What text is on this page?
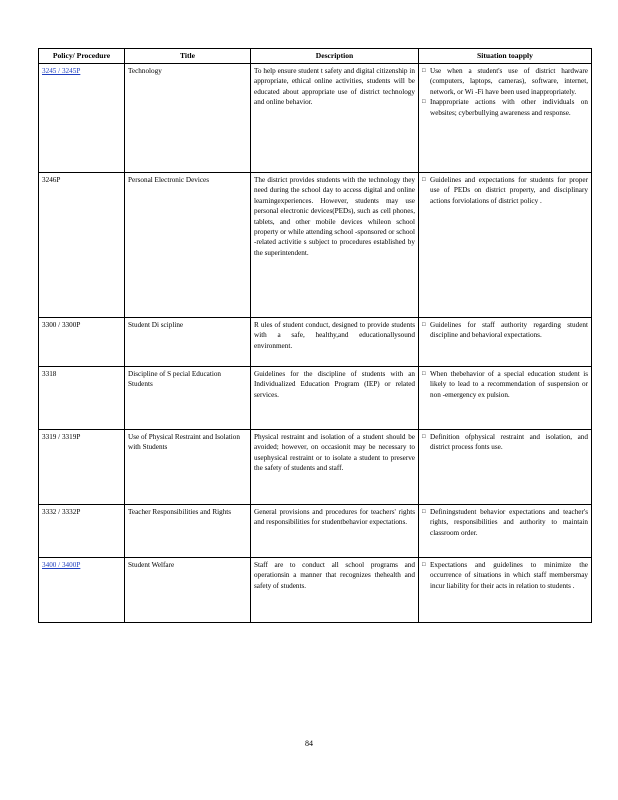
Policy/ Procedure	Title	Description	Situation toapply
3245 / 3245P	Technology	To help ensure student t safety and digital citizenship in appropriate, ethical online activities, students will be educated about appropriate use of district technology and online behavior.	□ Use when a student's use of district hardware (computers, laptops, cameras), software, internet, network, or Wi -Fi have been used inappropriately.
□ Inappropriate actions with other individuals on websites; cyberbullying awareness and response.

3246P	Personal Electronic Devices	The district provides students with the technology they need during the school day to access digital and online learningexperiences. However, students may use personal electronic devices(PEDs), such as cell phones, tablets, and other mobile devices whileon school property or while attending school -sponsored or school -related activitie s subject to procedures established by the superintendent.	□ Guidelines and expectations for students for proper use of PEDs on district property, and disciplinary actions forviolations of district policy .

3300 / 3300P	Student Di scipline	R ules of student conduct, designed to provide students with a safe, healthy,and educationallysound environment.	□ Guidelines for staff authority regarding student discipline and behavioral expectations.

3318	Discipline of S pecial Education Students	Guidelines for the discipline of students with an Individualized Education Program (IEP) or related services.	□ When thebehavior of a special education student is likely to lead to a recommendation of suspension or non -emergency ex pulsion.

3319 / 3319P	Use of Physical Restraint and Isolation with Students	Physical restraint and isolation of a student should be avoided; however, on occasionit may be necessary to usephysical restraint or to isolate a student to preserve the safety of students and staff.	□ Definition ofphysical restraint and isolation, and district process fonts use.

3332 / 3332P	Teacher Responsibilities and Rights	General provisions and procedures for teachers' rights and responsibilities for studentbehavior expectations.	□ Definingstudent behavior expectations and teacher's rights, responsibilities and authority to maintain classroom order.

3400 / 3400P	Student Welfare	Staff are to conduct all school programs and operationsin a manner that recognizes thehealth and safety of students.	□ Expectations and guidelines to minimize the occurrence of situations in which staff membersmay incur liability for their acts in relation to students .
84
